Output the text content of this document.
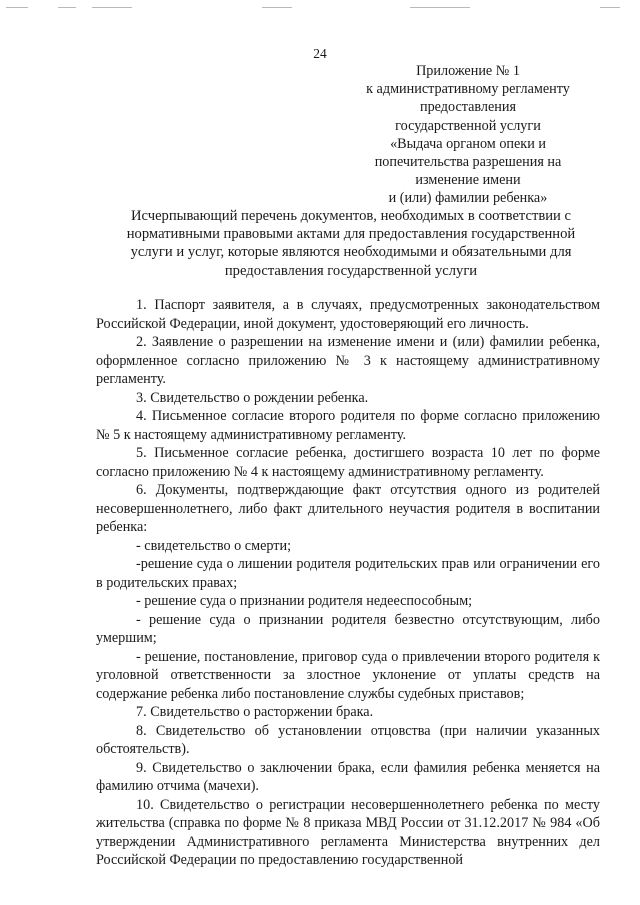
24
Приложение № 1
к административному регламенту
предоставления
государственной услуги
«Выдача органом опеки и
попечительства разрешения на
изменение имени
и (или) фамилии ребенка»
Исчерпывающий перечень документов, необходимых в соответствии с
нормативными правовыми актами для предоставления государственной
услуги и услуг, которые являются необходимыми и обязательными для
предоставления государственной услуги

1. Паспорт заявителя, а в случаях, предусмотренных законодательством Российской Федерации, иной документ, удостоверяющий его личность.

2. Заявление о разрешении на изменение имени и (или) фамилии ребенка, оформленное согласно приложению № 3 к настоящему административному регламенту.

3. Свидетельство о рождении ребенка.

4. Письменное согласие второго родителя по форме согласно приложению № 5 к настоящему административному регламенту.

5. Письменное согласие ребенка, достигшего возраста 10 лет по форме согласно приложению № 4 к настоящему административному регламенту.

6. Документы, подтверждающие факт отсутствия одного из родителей несовершеннолетнего, либо факт длительного неучастия родителя в воспитании ребенка:

- свидетельство о смерти;

-решение суда о лишении родителя родительских прав или ограничении его в родительских правах;

- решение суда о признании родителя недееспособным;

- решение суда о признании родителя безвестно отсутствующим, либо умершим;

- решение, постановление, приговор суда о привлечении второго родителя к уголовной ответственности за злостное уклонение от уплаты средств на содержание ребенка либо постановление службы судебных приставов;

7. Свидетельство о расторжении брака.

8. Свидетельство об установлении отцовства (при наличии указанных обстоятельств).

9. Свидетельство о заключении брака, если фамилия ребенка меняется на фамилию отчима (мачехи).

10. Свидетельство о регистрации несовершеннолетнего ребенка по месту жительства (справка по форме № 8 приказа МВД России от 31.12.2017 № 984 «Об утверждении Административного регламента Министерства внутренних дел Российской Федерации по предоставлению государственной
